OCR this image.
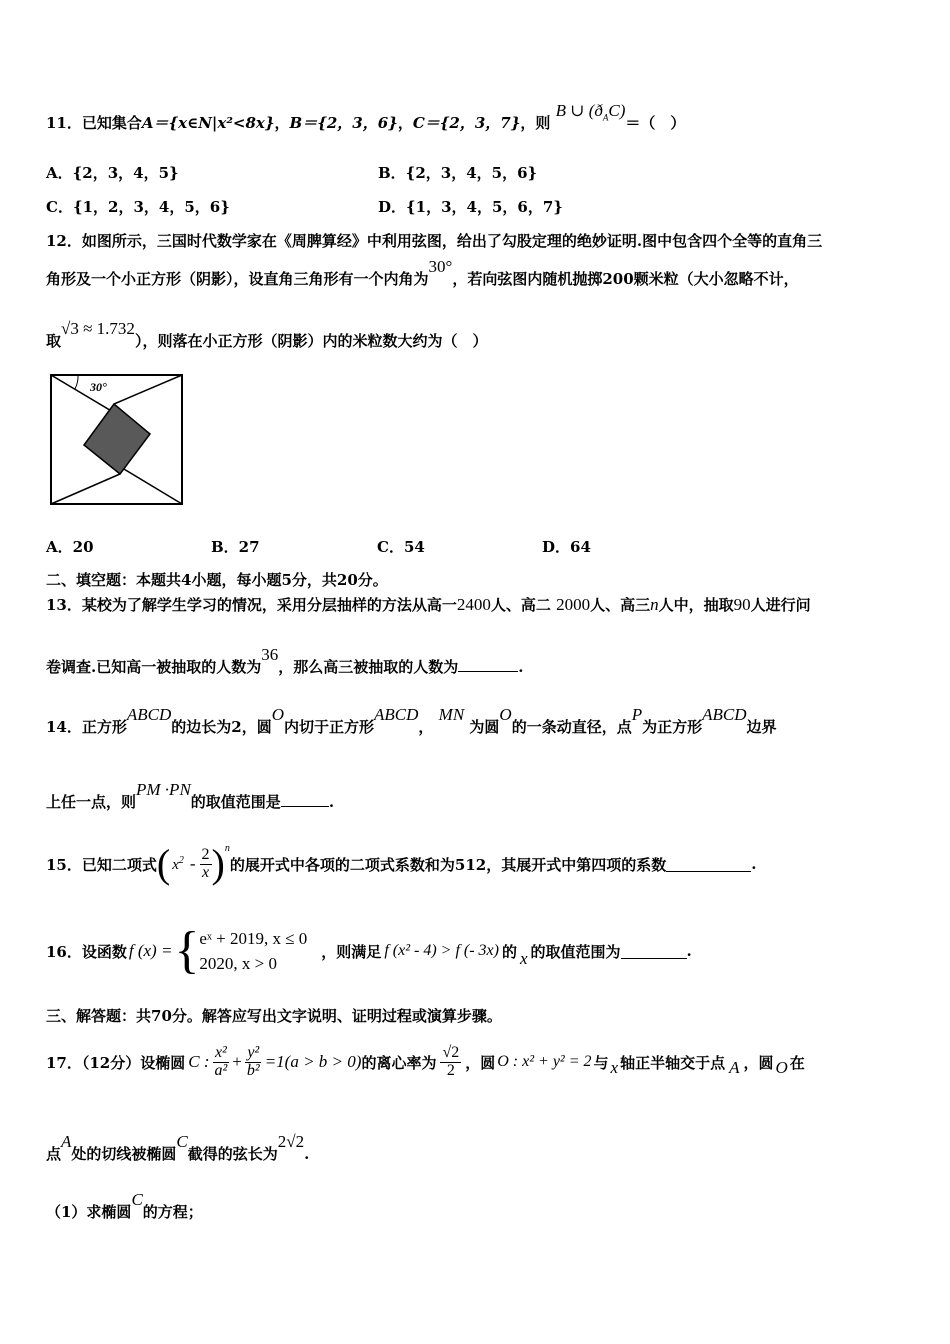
11．已知集合A＝{x∈N|x²<8x}，B＝{2，3，6}，C＝{2，3，7}，则 B ∪ $(ð_AC)=$（　）
A．{2，3，4，5}	B．{2，3，4，5，6}
C．{1，2，3，4，5，6}	D．{1，3，4，5，6，7}
12．如图所示，三国时代数学家在《周脾算经》中利用弦图，给出了勾股定理的绝妙证明.图中包含四个全等的直角三
角形及一个小正方形（阴影），设直角三角形有一个内角为30°，若向弦图内随机抛掷200颗米粒（大小忽略不计，
取√3 ≈ 1.732），则落在小正方形（阴影）内的米粒数大约为（　）
30°
A．20	B．27	C．54	D．64
二、填空题：本题共4小题，每小题5分，共20分。
13．某校为了解学生学习的情况，采用分层抽样的方法从高一2400人、高二 2000人、高三n人中，抽取90人进行问
卷调查.已知高一被抽取的人数为36，那么高三被抽取的人数为	.
14．正方形ABCD的边长为2，圆O内切于正方形ABCD， MN 为圆O的一条动直径，点P为正方形ABCD边界
上任一点，则PM ·PN的取值范围是	.
15．已知二项式 ( $x^2 - \frac{2}{x} )^n$
的展开式中各项的二项式系数和为512，其展开式中第四项的系数	.
16．设函数 f (x) = { eˣ + 2019, x ≤ 0
2020, x > 0
，则满足 f (x² - 4) > f (- 3x) 的 x 的取值范围为	.
三、解答题：共70分。解答应写出文字说明、证明过程或演算步骤。
17．（12分）设椭圆 C : $\frac{\text{x²}}{\text{a²}} + \frac{\text{y²}}{\text{b²}} =1(a > b > 0)$ 的离心率为 $\frac{√2}{2}$ ，圆 O : x² + y² = 2 与 x 轴正半轴交于点 A ，圆 O 在
点A处的切线被椭圆C截得的弦长为2√2.
（1）求椭圆C的方程；
